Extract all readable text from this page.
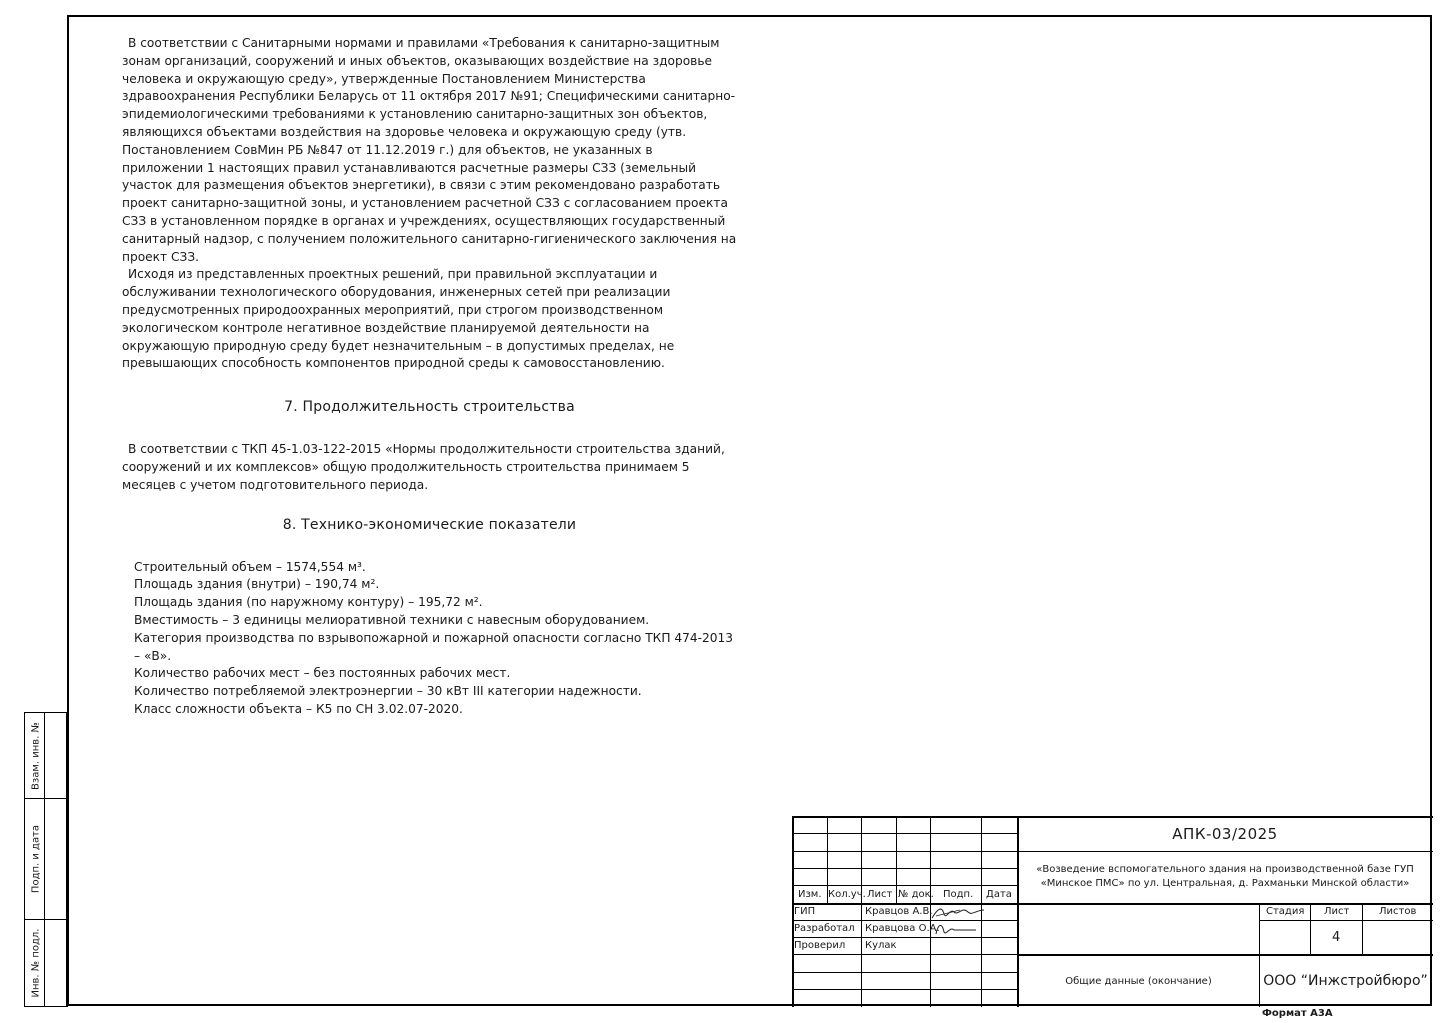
В соответствии с Санитарными нормами и правилами «Требования к санитарно-защитным зонам организаций, сооружений и иных объектов, оказывающих воздействие на здоровье человека и окружающую среду», утвержденные Постановлением Министерства здравоохранения Республики Беларусь от 11 октября 2017 №91; Специфическими санитарно-эпидемиологическими требованиями к установлению санитарно-защитных зон объектов, являющихся объектами воздействия на здоровье человека и окружающую среду (утв. Постановлением СовМин РБ №847 от 11.12.2019 г.) для объектов, не указанных в приложении 1 настоящих правил устанавливаются расчетные размеры СЗЗ (земельный участок для размещения объектов энергетики), в связи с этим рекомендовано разработать проект санитарно-защитной зоны, и установлением расчетной СЗЗ с согласованием проекта СЗЗ в установленном порядке в органах и учреждениях, осуществляющих государственный санитарный надзор, с получением положительного санитарно-гигиенического заключения на проект СЗЗ.

Исходя из представленных проектных решений, при правильной эксплуатации и обслуживании технологического оборудования, инженерных сетей при реализации предусмотренных природоохранных мероприятий, при строгом производственном экологическом контроле негативное воздействие планируемой деятельности на окружающую природную среду будет незначительным – в допустимых пределах, не превышающих способность компонентов природной среды к самовосстановлению.

7. Продолжительность строительства

В соответствии с ТКП 45-1.03-122-2015 «Нормы продолжительности строительства зданий, сооружений и их комплексов» общую продолжительность строительства принимаем 5 месяцев с учетом подготовительного периода.

8. Технико-экономические показатели
Строительный объем – 1574,554 м³.
Площадь здания (внутри) – 190,74 м².
Площадь здания (по наружному контуру) – 195,72 м².
Вместимость – 3 единицы мелиоративной техники с навесным оборудованием.
Категория производства по взрывопожарной и пожарной опасности согласно ТКП 474-2013 – «В».
Количество рабочих мест – без постоянных рабочих мест.
Количество потребляемой электроэнергии – 30 кВт III категории надежности.
Класс сложности объекта – К5 по СН 3.02.07-2020.
Взам. инв. №
Подп. и дата
Инв. № подл.
Изм. Кол.уч. Лист № док. Подп. Дата
ГИП	Кравцов А.В.
Разработал Кравцова О.А.
Проверил Кулак
АПК-03/2025
«Возведение вспомогательного здания на производственной базе ГУП «Минское ПМС» по ул. Центральная, д. Рахманьки Минской области»
Стадия Лист	Листов
4
Общие данные (окончание)	ООО “Инжстройбюро”
Формат А3А
